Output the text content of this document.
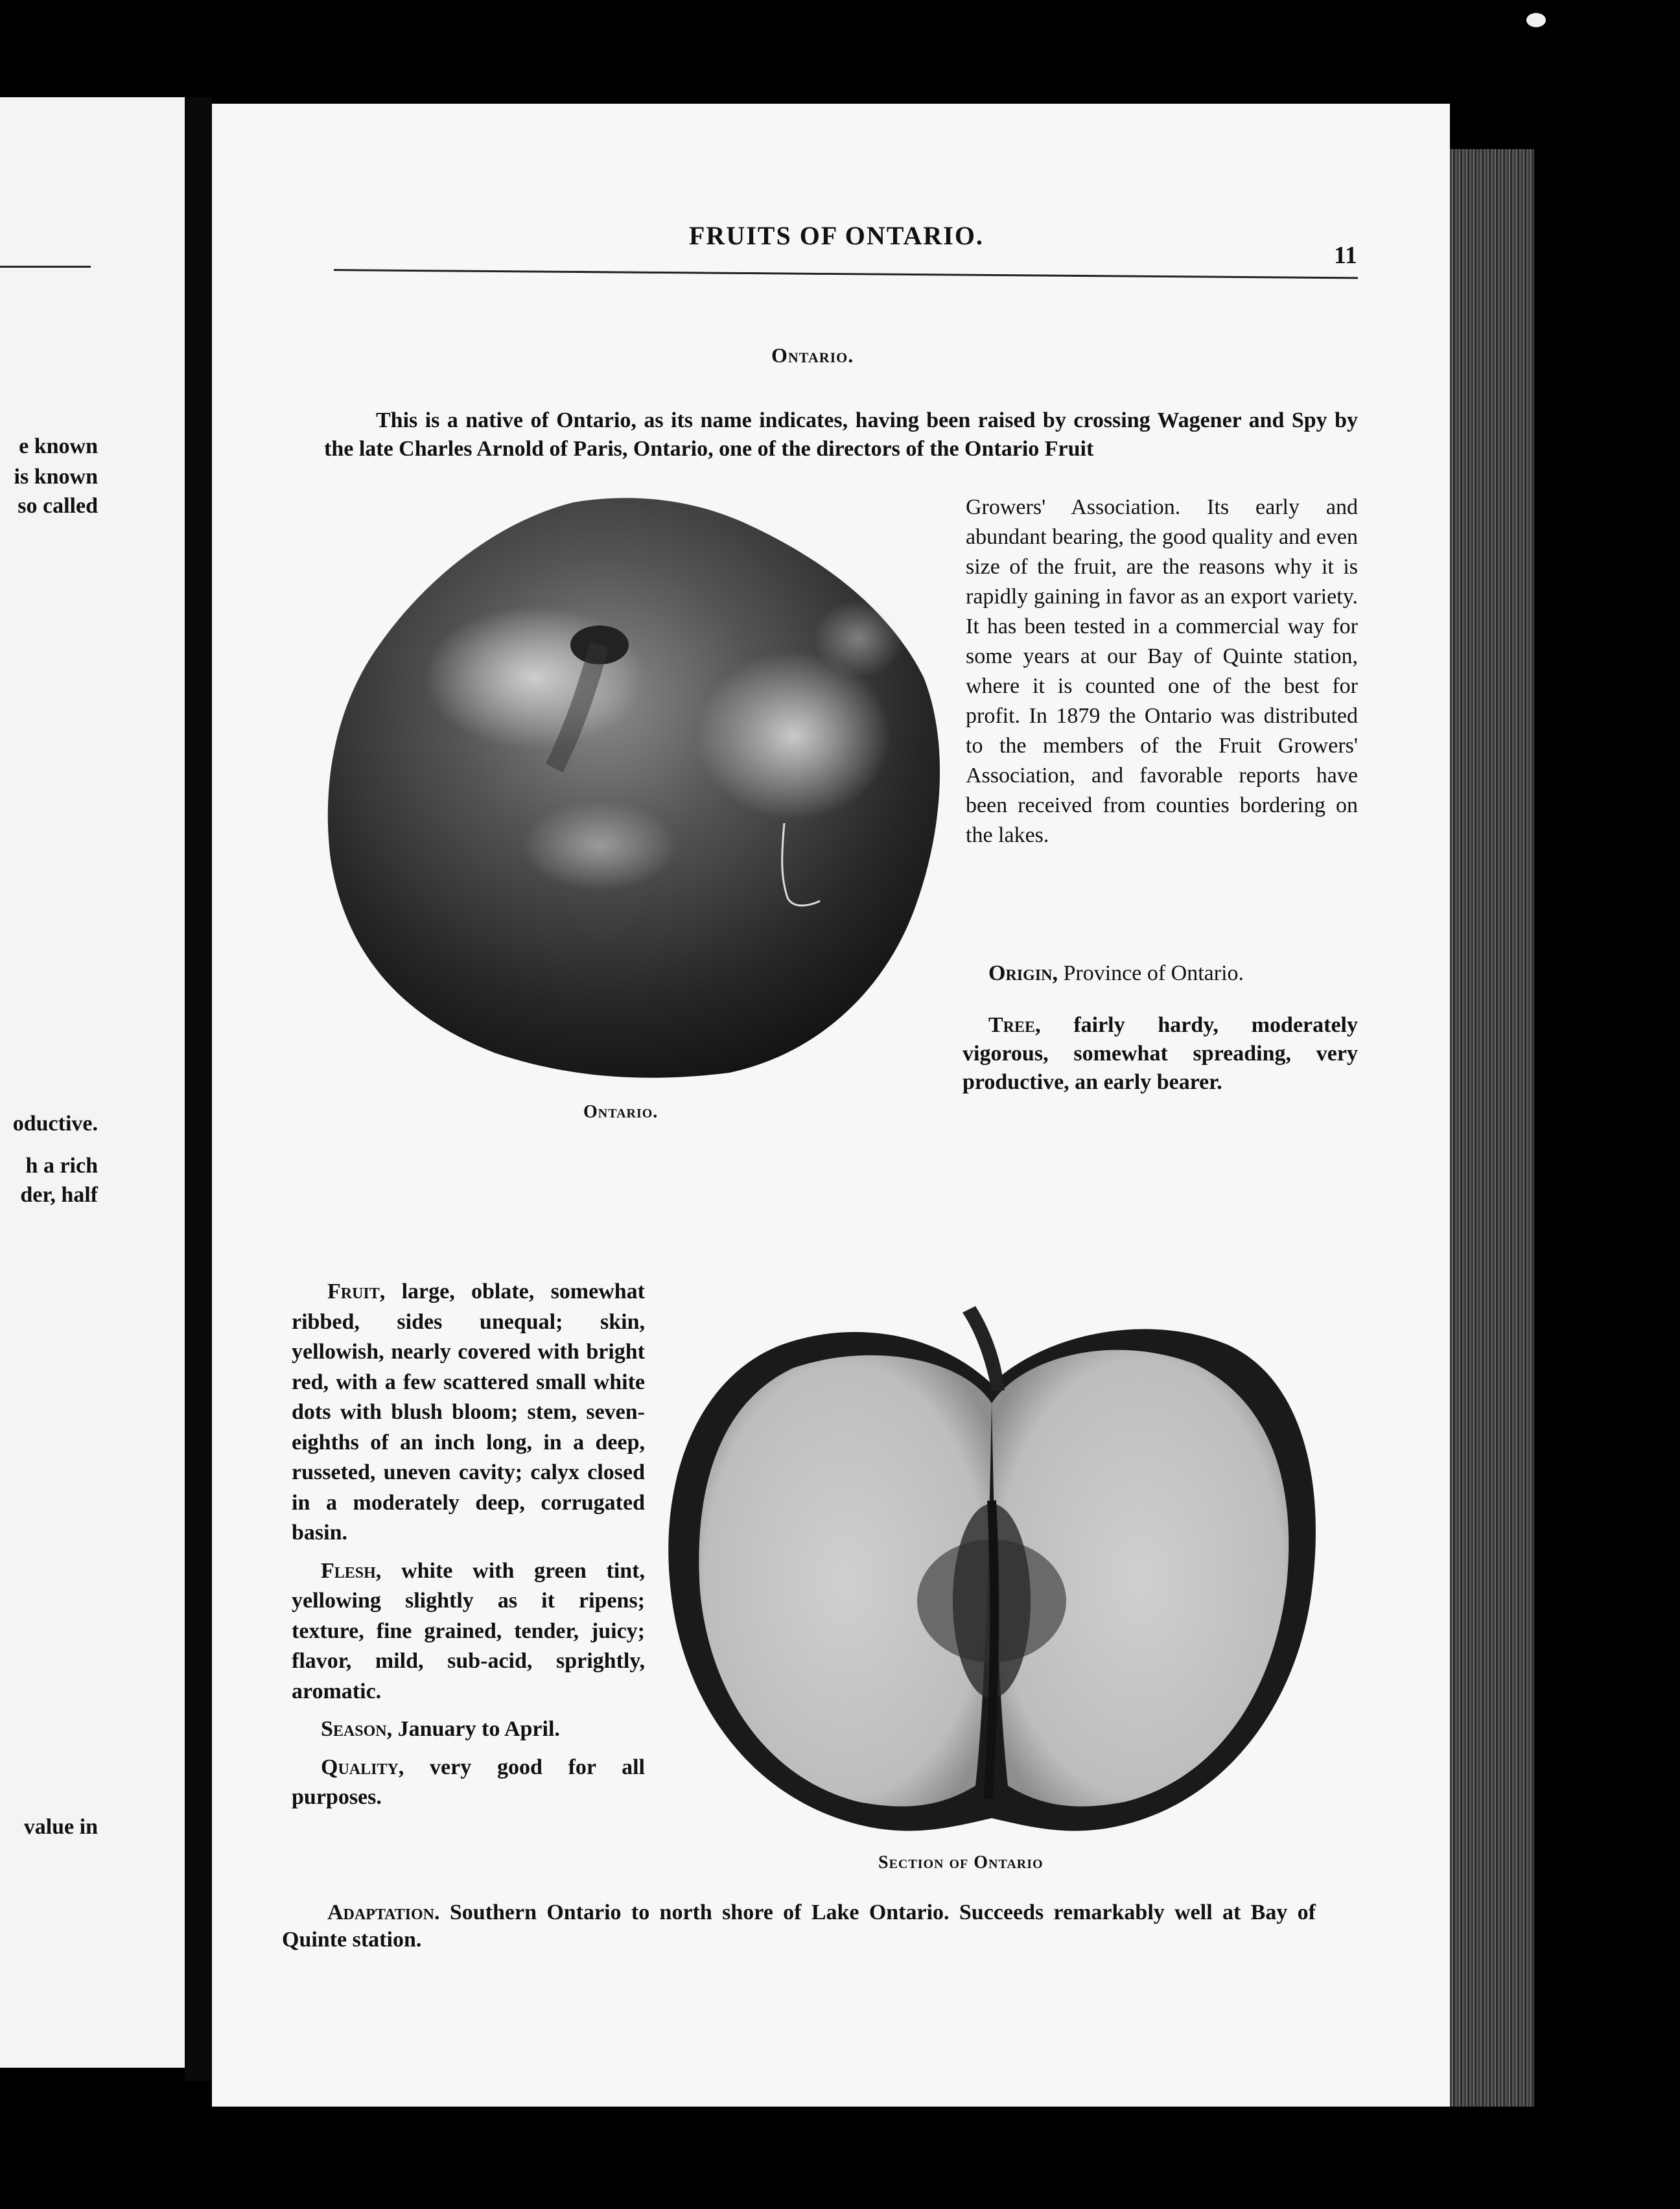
e known
is known
so called
oductive.
h a rich
der, half
value in
FRUITS OF ONTARIO.
11
Ontario.
This is a native of Ontario, as its name indicates, having been raised by crossing Wagener and Spy by the late Charles Arnold of Paris, Ontario, one of the directors of the Ontario Fruit
Ontario.
Growers' Association. Its early and abundant bearing, the good quality and even size of the fruit, are the reasons why it is rapidly gaining in favor as an export variety. It has been tested in a commercial way for some years at our Bay of Quinte station, where it is counted one of the best for profit. In 1879 the Ontario was distributed to the members of the Fruit Growers' Association, and favorable reports have been received from counties bordering on the lakes.
Origin, Province of Ontario.
Tree, fairly hardy, moderately vigorous, somewhat spreading, very productive, an early bearer.

Fruit, large, oblate, somewhat ribbed, sides unequal; skin, yellowish, nearly covered with bright red, with a few scattered small white dots with blush bloom; stem, seven-eighths of an inch long, in a deep, russeted, uneven cavity; calyx closed in a moderately deep, corrugated basin.

Flesh, white with green tint, yellowing slightly as it ripens; texture, fine grained, tender, juicy; flavor, mild, sub-acid, sprightly, aromatic.

Season, January to April.

Quality, very good for all purposes.

Section of Ontario
Adaptation. Southern Ontario to north shore of Lake Ontario. Succeeds remarkably well at Bay of Quinte station.
